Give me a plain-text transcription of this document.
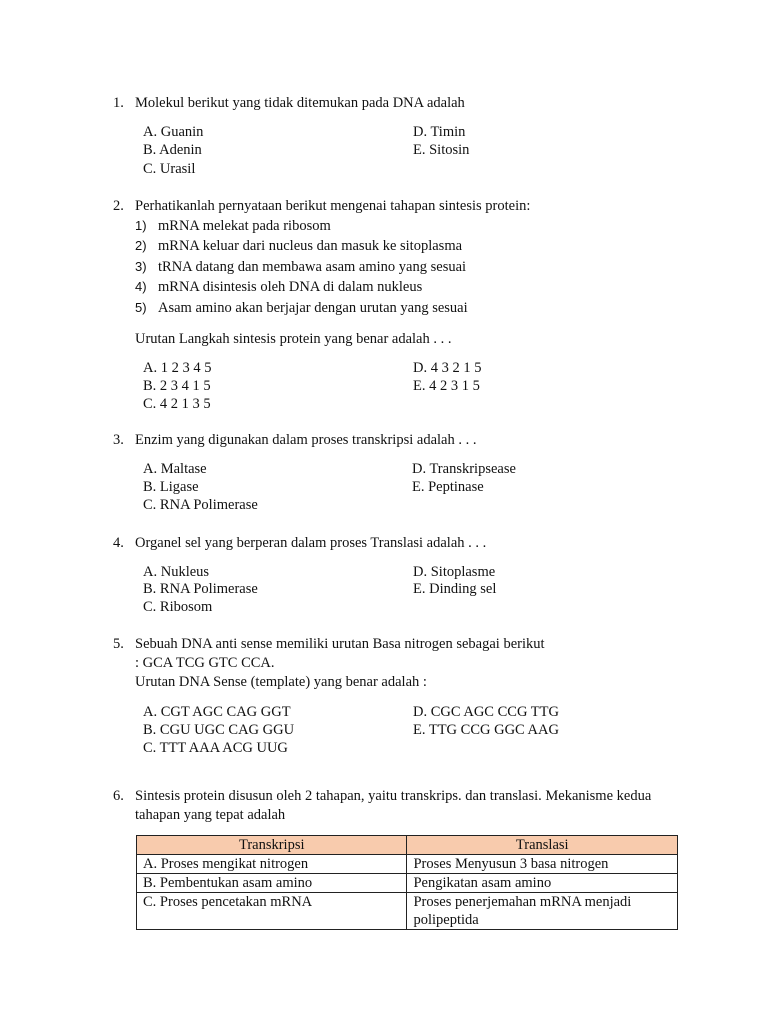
1. Molekul berikut yang tidak ditemukan pada DNA adalah
A. Guanin
B. Adenin
C. Urasil
D. Timin
E. Sitosin
2. Perhatikanlah pernyataan berikut mengenai tahapan sintesis protein:
1) mRNA melekat pada ribosom
2) mRNA keluar dari nucleus dan masuk ke sitoplasma
3) tRNA datang dan membawa asam amino yang sesuai
4) mRNA disintesis oleh DNA di dalam nukleus
5) Asam amino akan berjajar dengan urutan yang sesuai
Urutan Langkah sintesis protein yang benar adalah . . .
A. 1 2 3 4 5
B. 2 3 4 1 5
C. 4 2 1 3 5
D. 4 3 2 1 5
E. 4 2 3 1 5
3. Enzim yang digunakan dalam proses transkripsi adalah . . .
A. Maltase
B. Ligase
C. RNA Polimerase
D. Transkripsease
E. Peptinase
4. Organel sel yang berperan dalam proses Translasi adalah . . .
A. Nukleus
B. RNA Polimerase
C. Ribosom
D. Sitoplasme
E. Dinding sel
5. Sebuah DNA anti sense memiliki urutan Basa nitrogen sebagai berikut
: GCA TCG GTC CCA.
Urutan DNA Sense (template) yang benar adalah :
A. CGT AGC CAG GGT
B. CGU UGC CAG GGU
C. TTT AAA ACG UUG
D. CGC AGC CCG TTG
E. TTG CCG GGC AAG
6. Sintesis protein disusun oleh 2 tahapan, yaitu transkrips. dan translasi. Mekanisme kedua
tahapan yang tepat adalah
Transkripsi	Translasi
A. Proses mengikat nitrogen	Proses Menyusun 3 basa nitrogen
B. Pembentukan asam amino	Pengikatan asam amino
C. Proses pencetakan mRNA	Proses penerjemahan mRNA menjadi polipeptida
